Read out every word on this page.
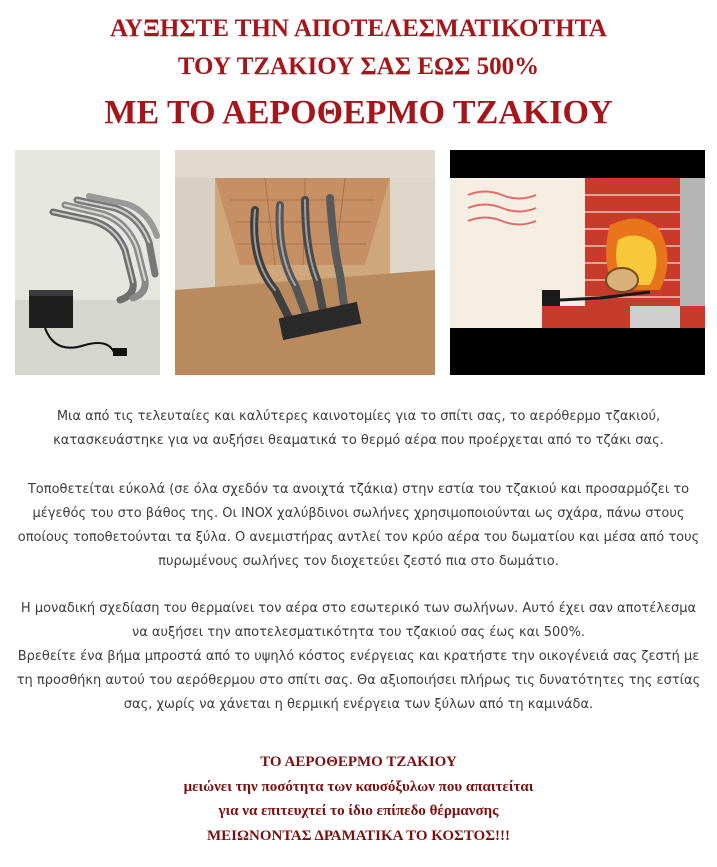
ΑΥΞΗΣΤΕ ΤΗΝ ΑΠΟΤΕΛΕΣΜΑΤΙΚΟΤΗΤΑ
ΤΟΥ ΤΖΑΚΙΟΥ ΣΑΣ ΕΩΣ 500%
ΜΕ ΤΟ ΑΕΡΟΘΕΡΜΟ ΤΖΑΚΙΟΥ

Μια από τις τελευταίες και καλύτερες καινοτομίες για το σπίτι σας, το αερόθερμο τζακιού, κατασκευάστηκε για να αυξήσει θεαματικά το θερμό αέρα που προέρχεται από το τζάκι σας.

Τοποθετείται εύκολά (σε όλα σχεδόν τα ανοιχτά τζάκια) στην εστία του τζακιού και προσαρμόζει το μέγεθός του στο βάθος της. Οι INOX χαλύβδινοι σωλήνες χρησιμοποιούνται ως σχάρα, πάνω στους οποίους τοποθετούνται τα ξύλα. Ο ανεμιστήρας αντλεί τον κρύο αέρα του δωματίου και μέσα από τους πυρωμένους σωλήνες τον διοχετεύει ζεστό πια στο δωμάτιο.

Η μοναδική σχεδίαση του θερμαίνει τον αέρα στο εσωτερικό των σωλήνων. Αυτό έχει σαν αποτέλεσμα να αυξήσει την αποτελεσματικότητα του τζακιού σας έως και 500%.
Βρεθείτε ένα βήμα μπροστά από το υψηλό κόστος ενέργειας και κρατήστε την οικογένειά σας ζεστή με τη προσθήκη αυτού του αερόθερμου στο σπίτι σας. Θα αξιοποιήσει πλήρως τις δυνατότητες της εστίας σας, χωρίς να χάνεται η θερμική ενέργεια των ξύλων από τη καμινάδα.

ΤΟ ΑΕΡΟΘΕΡΜΟ ΤΖΑΚΙΟΥ
μειώνει την ποσότητα των καυσόξυλων που απαιτείται
για να επιτευχτεί το ίδιο επίπεδο θέρμανσης
ΜΕΙΩΝΟΝΤΑΣ ΔΡΑΜΑΤΙΚΑ ΤΟ ΚΟΣΤΟΣ!!!
